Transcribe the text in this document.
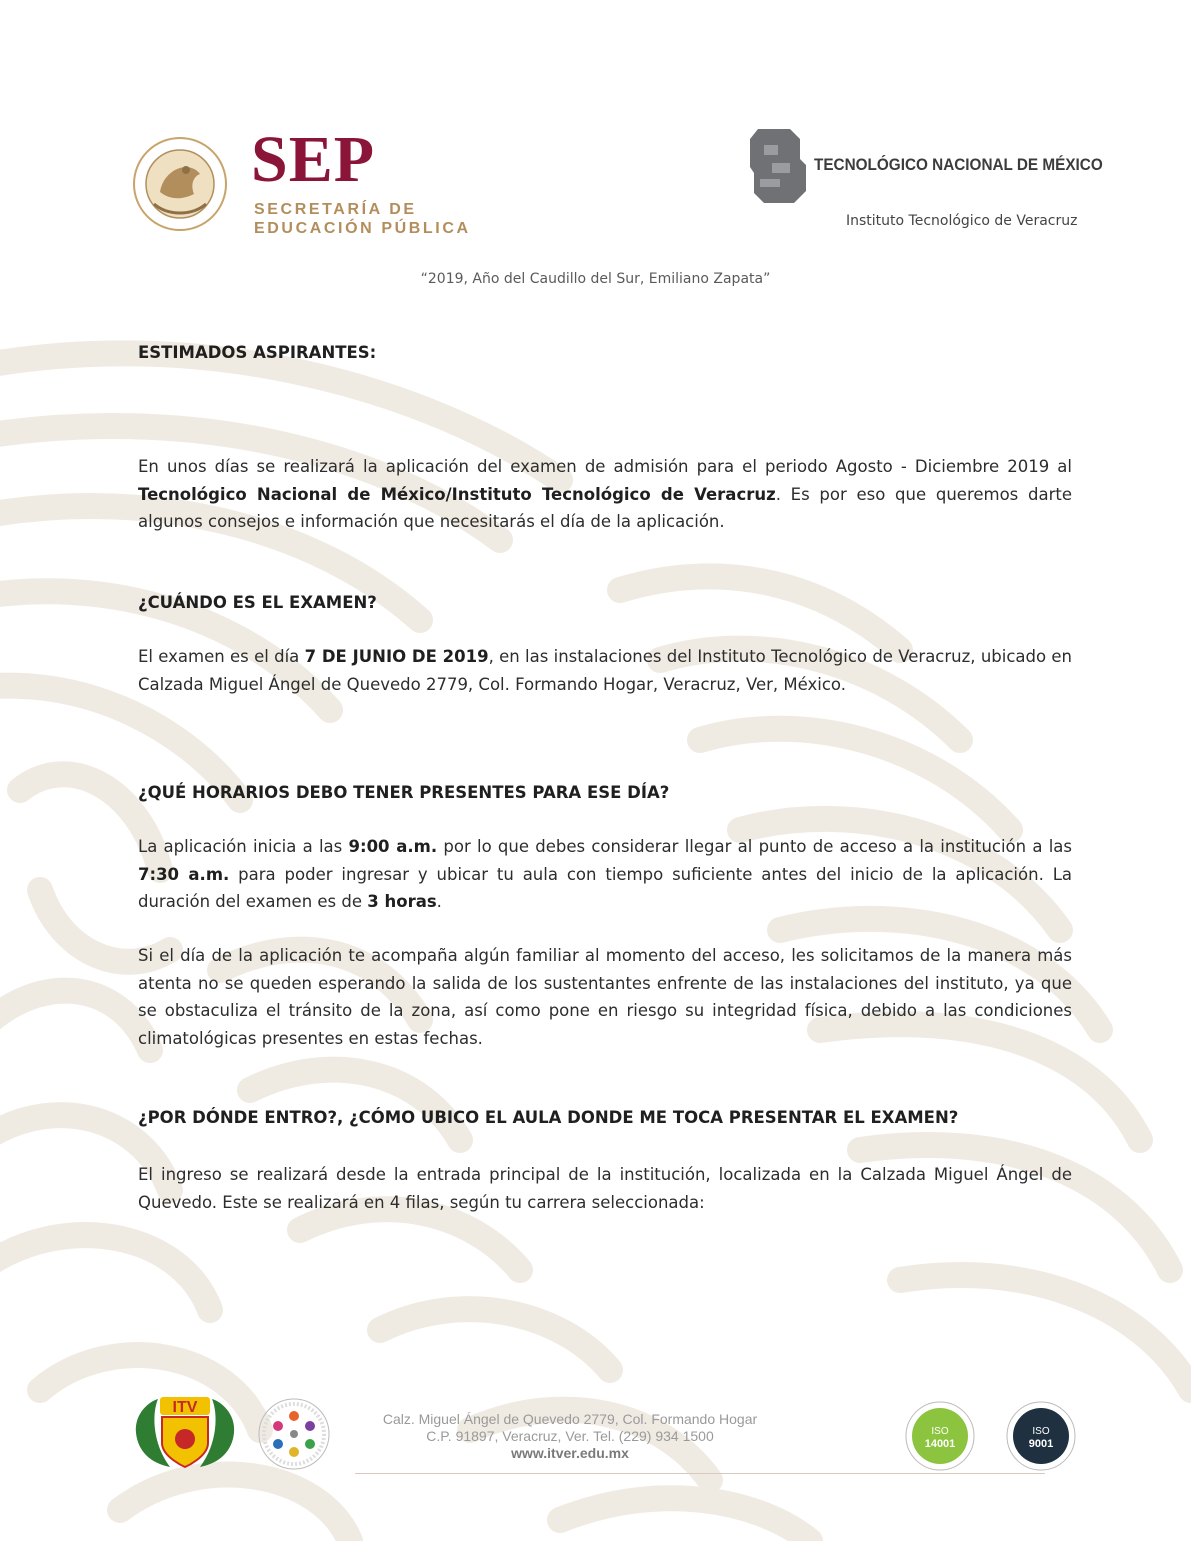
SEP
SECRETARÍA DE
EDUCACIÓN PÚBLICA
TECNOLÓGICO NACIONAL DE MÉXICO
Instituto Tecnológico de Veracruz
“2019, Año del Caudillo del Sur, Emiliano Zapata”
ESTIMADOS ASPIRANTES:
En unos días se realizará la aplicación del examen de admisión para el periodo Agosto - Diciembre 2019 al Tecnológico Nacional de México/Instituto Tecnológico de Veracruz. Es por eso que queremos darte algunos consejos e información que necesitarás el día de la aplicación.
¿CUÁNDO ES EL EXAMEN?
El examen es el día 7 DE JUNIO DE 2019, en las instalaciones del Instituto Tecnológico de Veracruz, ubicado en Calzada Miguel Ángel de Quevedo 2779, Col. Formando Hogar, Veracruz, Ver, México.
¿QUÉ HORARIOS DEBO TENER PRESENTES PARA ESE DÍA?
La aplicación inicia a las 9:00 a.m. por lo que debes considerar llegar al punto de acceso a la institución a las 7:30 a.m. para poder ingresar y ubicar tu aula con tiempo suficiente antes del inicio de la aplicación. La duración del examen es de 3 horas.
Si el día de la aplicación te acompaña algún familiar al momento del acceso, les solicitamos de la manera más atenta no se queden esperando la salida de los sustentantes enfrente de las instalaciones del instituto, ya que se obstaculiza el tránsito de la zona, así como pone en riesgo su integridad física, debido a las condiciones climatológicas presentes en estas fechas.
¿POR DÓNDE ENTRO?, ¿CÓMO UBICO EL AULA DONDE ME TOCA PRESENTAR EL EXAMEN?
El ingreso se realizará desde la entrada principal de la institución, localizada en la Calzada Miguel Ángel de Quevedo. Este se realizará en 4 filas, según tu carrera seleccionada:
ITV
Calz. Miguel Ángel de Quevedo 2779, Col. Formando Hogar
C.P. 91897, Veracruz, Ver. Tel. (229) 934 1500
www.itver.edu.mx
ISO
14001
ISO
9001
